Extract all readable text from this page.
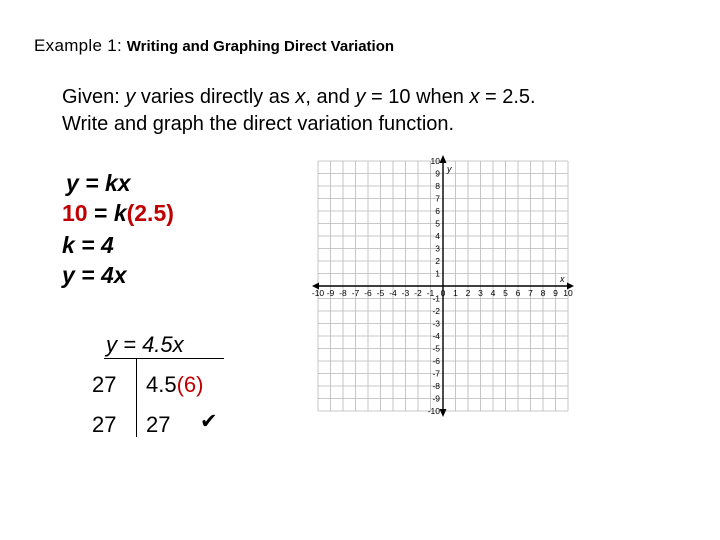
Example 1: Writing and Graphing Direct Variation
Given: y varies directly as x, and y = 10 when x = 2.5.
Write and graph the direct variation function.
y = kx
10 = k(2.5)
k = 4
y = 4x
y = 4.5x
27 4.5(6)
27 27 ✔
-10 -9 -8 -7 -6 -5 -4 -3 -2 -1 0 1 2 3 4 5 6 7 8 9 10
10
9
8
7
6
5
4
3
2
1
-1
-2
-3
-4
-5
-6
-7
-8
-9
-10
x
y
